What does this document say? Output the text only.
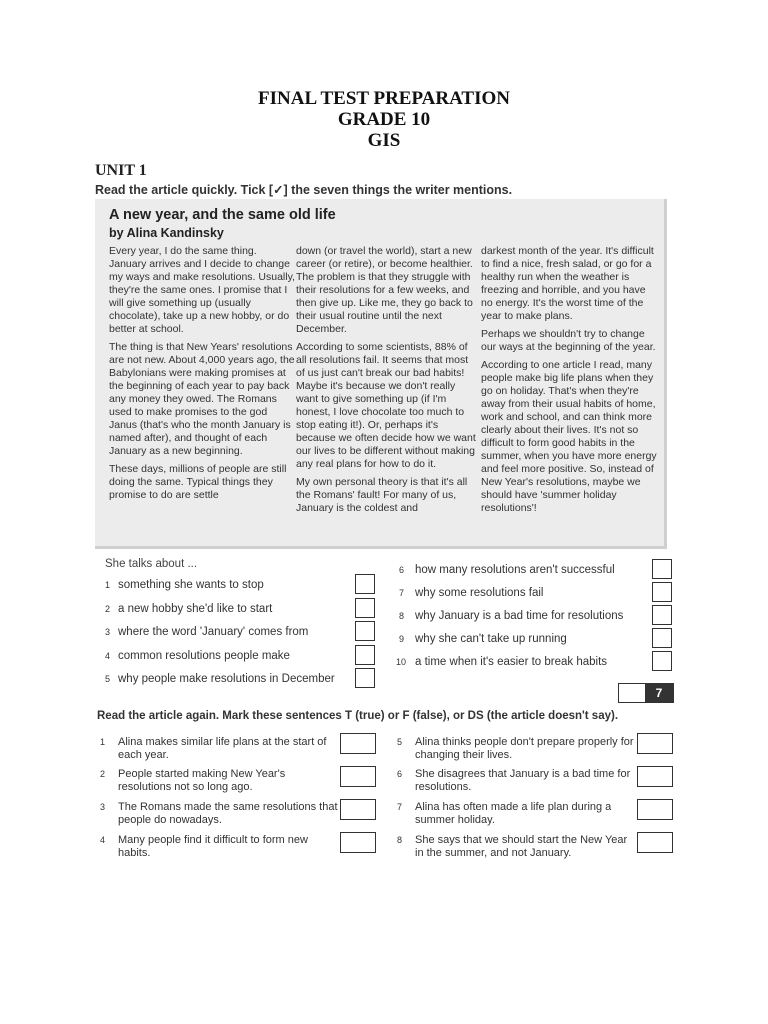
FINAL TEST PREPARATION
GRADE 10
GIS
UNIT 1
Read the article quickly. Tick [✓] the seven things the writer mentions.
A new year, and the same old life
by Alina Kandinsky

Every year, I do the same thing. January arrives and I decide to change my ways and make resolutions. Usually, they're the same ones. I promise that I will give something up (usually chocolate), take up a new hobby, or do better at school.

The thing is that New Years' resolutions are not new. About 4,000 years ago, the Babylonians were making promises at the beginning of each year to pay back any money they owed. The Romans used to make promises to the god Janus (that's who the month January is named after), and thought of each January as a new beginning.

These days, millions of people are still doing the same. Typical things they promise to do are settle

down (or travel the world), start a new career (or retire), or become healthier. The problem is that they struggle with their resolutions for a few weeks, and then give up. Like me, they go back to their usual routine until the next December.

According to some scientists, 88% of all resolutions fail. It seems that most of us just can't break our bad habits! Maybe it's because we don't really want to give something up (if I'm honest, I love chocolate too much to stop eating it!). Or, perhaps it's because we often decide how we want our lives to be different without making any real plans for how to do it.

My own personal theory is that it's all the Romans' fault! For many of us, January is the coldest and

darkest month of the year. It's difficult to find a nice, fresh salad, or go for a healthy run when the weather is freezing and horrible, and you have no energy. It's the worst time of the year to make plans.

Perhaps we shouldn't try to change our ways at the beginning of the year.

According to one article I read, many people make big life plans when they go on holiday. That's when they're away from their usual habits of home, work and school, and can think more clearly about their lives. It's not so difficult to form good habits in the summer, when you have more energy and feel more positive. So, instead of New Year's resolutions, maybe we should have 'summer holiday resolutions'!

She talks about ...
1 something she wants to stop
2 a new hobby she'd like to start
3 where the word 'January' comes from
4 common resolutions people make
5 why people make resolutions in December
6 how many resolutions aren't successful
7 why some resolutions fail
8 why January is a bad time for resolutions
9 why she can't take up running
10 a time when it's easier to break habits
7
Read the article again. Mark these sentences T (true) or F (false), or DS (the article doesn't say).
1 Alina makes similar life plans at the start of each year.
2 People started making New Year's resolutions not so long ago.
3 The Romans made the same resolutions that people do nowadays.
4 Many people find it difficult to form new habits.
5 Alina thinks people don't prepare properly for changing their lives.
6 She disagrees that January is a bad time for resolutions.
7 Alina has often made a life plan during a summer holiday.
8 She says that we should start the New Year in the summer, and not January.
